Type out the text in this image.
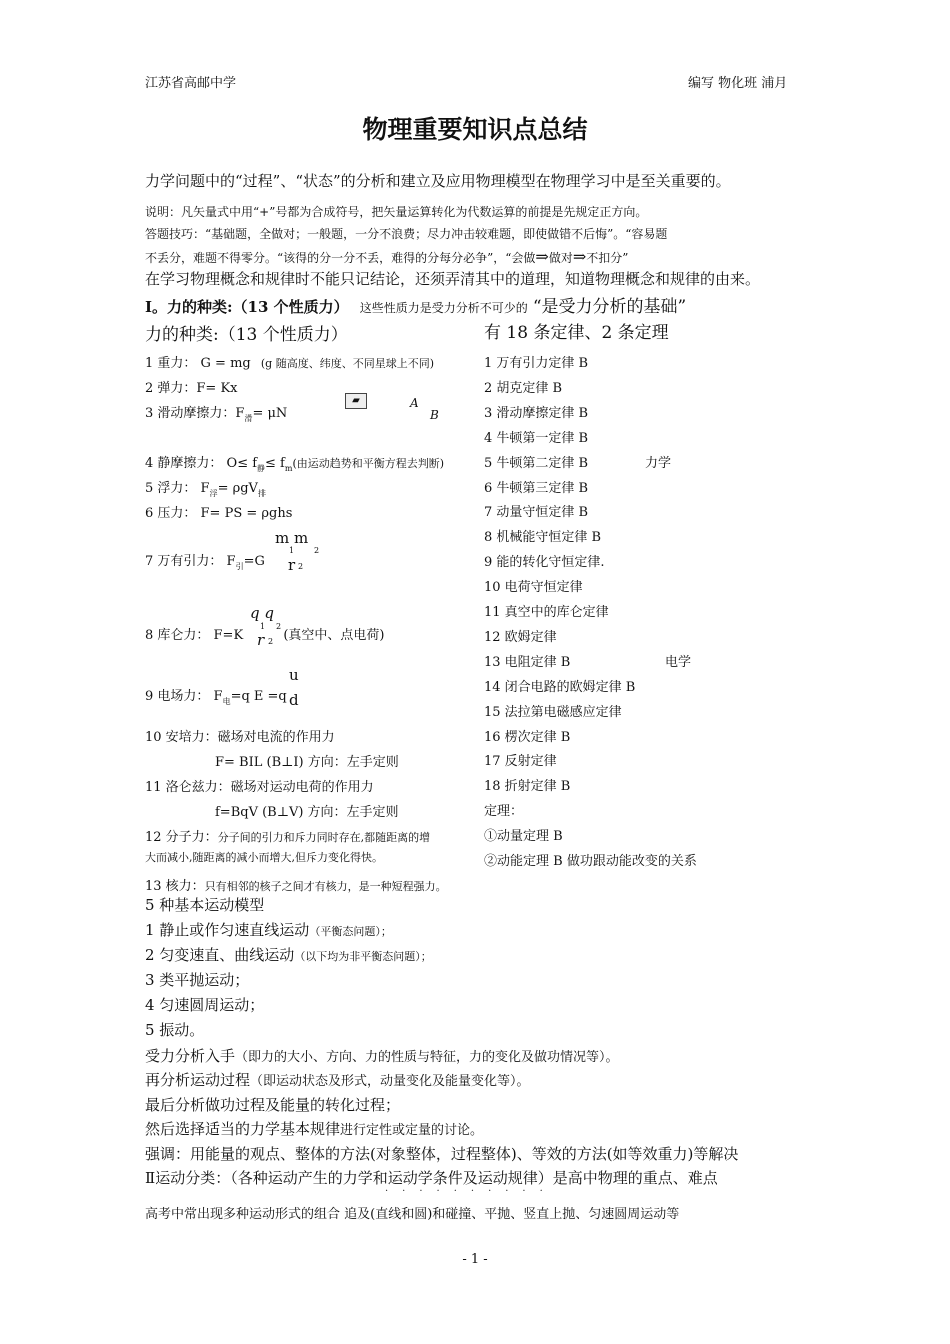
江苏省高邮中学	编写 物化班 浦月
物理重要知识点总结
力学问题中的“过程”、“状态”的分析和建立及应用物理模型在物理学习中是至关重要的。
说明：凡矢量式中用“+”号都为合成符号，把矢量运算转化为代数运算的前提是先规定正方向。
答题技巧：“基础题，全做对；一般题，一分不浪费；尽力冲击较难题，即使做错不后悔”。“容易题
不丢分，难题不得零分。“该得的分一分不丢，难得的分每分必争”，“会做⇒做对⇒不扣分”
在学习物理概念和规律时不能只记结论，还须弄清其中的道理，知道物理概念和规律的由来。
Ⅰ。力的种类:（13 个性质力） 这些性质力是受力分析不可少的 “是受力分析的基础”
力的种类:（13 个性质力）	有 18 条定律、2 条定理
1 重力： G = mg (g 随高度、纬度、不同星球上不同)
2 弹力：F= Kx
3 滑动摩擦力：$F_滑= \mu N$
▰	A
B
4 静摩擦力： $O\le f_静\le f_m$(由运动趋势和平衡方程去判断)
5 浮力： $F_浮= \rho gV_排$
6 压力： F= PS = ρghs
m m
1 2
7 万有引力： $F_引=G$ r 2
q q
1 2
8 库仑力： F=K	(真空中、点电荷)
r 2
u
9 电场力： $F_电=q$ E =q d
10 安培力：磁场对电流的作用力
F= BIL (B⊥I) 方向：左手定则
11 洛仑兹力：磁场对运动电荷的作用力
f=BqV (B⊥V) 方向：左手定则
12 分子力：分子间的引力和斥力同时存在,都随距离的增
大而减小,随距离的减小而增大,但斥力变化得快。
13 核力：只有相邻的核子之间才有核力，是一种短程强力。
1 万有引力定律 B
2 胡克定律 B
3 滑动摩擦定律 B
4 牛顿第一定律 B
5 牛顿第二定律 B
6 牛顿第三定律 B
7 动量守恒定律 B
8 机械能守恒定律 B
9 能的转化守恒定律.
10 电荷守恒定律
11 真空中的库仑定律
12 欧姆定律
13 电阻定律 B
14 闭合电路的欧姆定律 B
15 法拉第电磁感应定律
16 楞次定律 B
17 反射定律
18 折射定律 B
定理：
①动量定理 B
②动能定理 B 做功跟动能改变的关系
力学
电学
5 种基本运动模型
1 静止或作匀速直线运动（平衡态问题）；
2 匀变速直、曲线运动（以下均为非平衡态问题）；
3 类平抛运动；
4 匀速圆周运动；
5 振动。
受力分析入手（即力的大小、方向、力的性质与特征，力的变化及做功情况等）。
再分析运动过程（即运动状态及形式，动量变化及能量变化等）。
最后分析做功过程及能量的转化过程；
然后选择适当的力学基本规律进行定性或定量的讨论。
强调：用能量的观点、整体的方法(对象整体，过程整体)、等效的方法(如等效重力)等解决
Ⅱ运动分类：（各种运动产生的力学和运动学条件及运动规律）是高中物理的重点、难点
··········
高考中常出现多种运动形式的组合 追及(直线和圆)和碰撞、平抛、竖直上抛、匀速圆周运动等
- 1 -
